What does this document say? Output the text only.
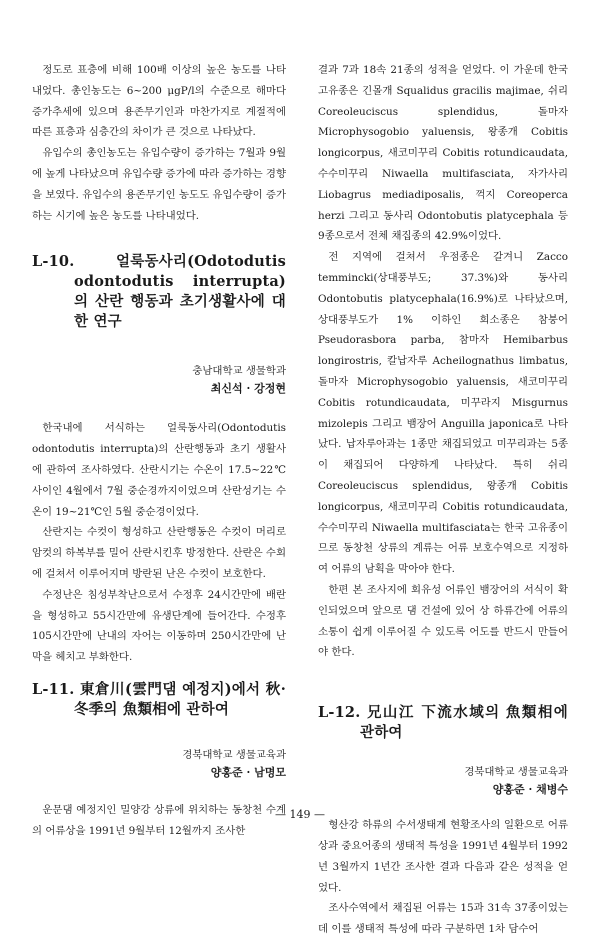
정도로 표층에 비해 100배 이상의 높은 농도를 나타내었다. 총인농도는 6~200 μgP/l의 수준으로 해마다 증가추세에 있으며 용존무기인과 마찬가지로 계절적에 따른 표층과 심층간의 차이가 큰 것으로 나타났다.

유입수의 총인농도는 유입수량이 증가하는 7월과 9월에 높게 나타났으며 유입수량 증가에 따라 증가하는 경향을 보였다. 유입수의 용존무기인 농도도 유입수량이 증가하는 시기에 높은 농도를 나타내었다.

L-10. 얼룩동사리(Odotodutis odontodutis interrupta)의 산란 행동과 초기생활사에 대한 연구

충남대학교 생물학과

최신석 · 강정현

한국내에 서식하는 얼룩동사리(Odontodutis odontodutis interrupta)의 산란행동과 초기 생활사에 관하여 조사하였다. 산란시기는 수온이 17.5~22℃ 사이인 4월에서 7월 중순경까지이었으며 산란성기는 수온이 19~21℃인 5월 중순경이었다.

산란지는 수컷이 형성하고 산란행동은 수컷이 머리로 암컷의 하복부를 밀어 산란시킨후 방정한다. 산란은 수회에 걸쳐서 이루어지며 방란된 난은 수컷이 보호한다.

수정난은 침성부착난으로서 수정후 24시간만에 배란을 형성하고 55시간만에 유생단계에 들어간다. 수정후 105시간만에 난내의 자어는 이동하며 250시간만에 난막을 헤치고 부화한다.

L-11. 東倉川(雲門댐 예정지)에서 秋·冬季의 魚類相에 관하여

경북대학교 생물교육과

양홍준 · 남명모

운문댐 예정지인 밀양강 상류에 위치하는 동창천 수계의 어류상을 1991년 9월부터 12월까지 조사한

결과 7과 18속 21종의 성적을 얻었다. 이 가운데 한국 고유종은 긴몰개 Squalidus gracilis majimae, 쉬리 Coreoleuciscus splendidus, 돌마자 Microphysogobio yaluensis, 왕종개 Cobitis longicorpus, 새코미꾸리 Cobitis rotundicaudata, 수수미꾸리 Niwaella multifasciata, 자가사리 Liobagrus mediadiposalis, 꺽지 Coreoperca herzi 그리고 동사리 Odontobutis platycephala 등 9종으로서 전체 채집종의 42.9%이었다.

전 지역에 걸쳐서 우점종은 갈겨니 Zacco temmincki(상대풍부도; 37.3%)와 동사리 Odontobutis platycephala(16.9%)로 나타났으며, 상대풍부도가 1% 이하인 희소종은 참붕어 Pseudorasbora parba, 참마자 Hemibarbus longirostris, 칼납자루 Acheilognathus limbatus, 돌마자 Microphysogobio yaluensis, 새코미꾸리 Cobitis rotundicaudata, 미꾸라지 Misgurnus mizolepis 그리고 뱀장어 Anguilla japonica로 나타났다. 납자루아과는 1종만 채집되었고 미꾸리과는 5종이 채집되어 다양하게 나타났다. 특히 쉬리 Coreoleuciscus splendidus, 왕종개 Cobitis longicorpus, 새코미꾸리 Cobitis rotundicaudata, 수수미꾸리 Niwaella multifasciata는 한국 고유종이므로 동창천 상류의 계류는 어류 보호수역으로 지정하여 어류의 남획을 막아야 한다.

한편 본 조사지에 회유성 어류인 뱀장어의 서식이 확인되었으며 앞으로 댐 건설에 있어 상 하류간에 어류의 소통이 쉽게 이루어질 수 있도록 어도를 반드시 만들어야 한다.

L-12. 兄山江 下流水域의 魚類相에 관하여

경북대학교 생물교육과

양홍준 · 채병수

형산강 하류의 수서생태계 현황조사의 일환으로 어류상과 중요어종의 생태적 특성을 1991년 4월부터 1992년 3월까지 1년간 조사한 결과 다음과 같은 성적을 얻었다.

조사수역에서 채집된 어류는 15과 31속 37종이었는데 이를 생태적 특성에 따라 구분하면 1차 담수어

— 149 —
